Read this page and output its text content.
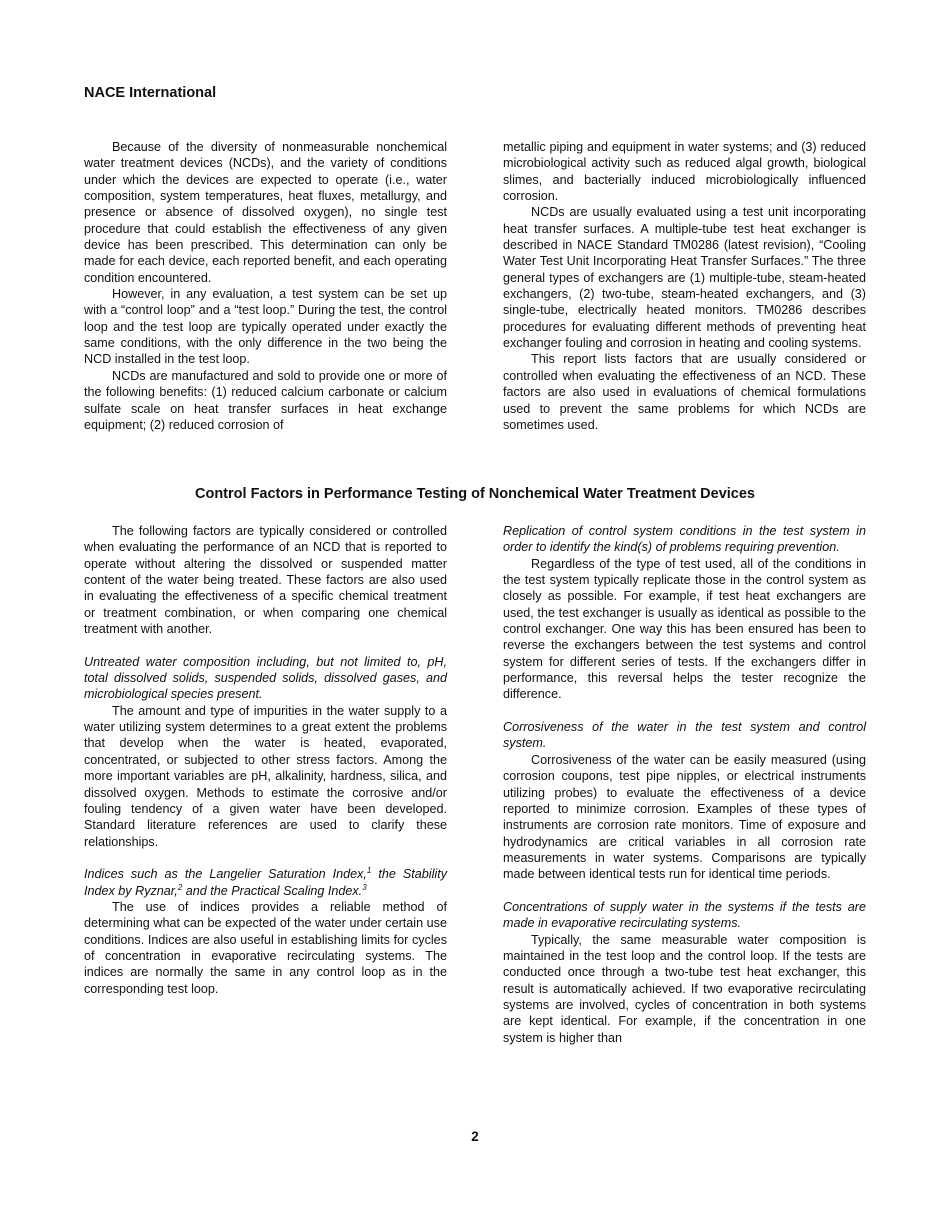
NACE International

Because of the diversity of nonmeasurable nonchemical water treatment devices (NCDs), and the variety of conditions under which the devices are expected to operate (i.e., water composition, system temperatures, heat fluxes, metallurgy, and presence or absence of dissolved oxygen), no single test procedure that could establish the effectiveness of any given device has been prescribed. This determination can only be made for each device, each reported benefit, and each operating condition encountered.

However, in any evaluation, a test system can be set up with a “control loop” and a “test loop.” During the test, the control loop and the test loop are typically operated under exactly the same conditions, with the only difference in the two being the NCD installed in the test loop.

NCDs are manufactured and sold to provide one or more of the following benefits: (1) reduced calcium carbonate or calcium sulfate scale on heat transfer surfaces in heat exchange equipment; (2) reduced corrosion of

metallic piping and equipment in water systems; and (3) reduced microbiological activity such as reduced algal growth, biological slimes, and bacterially induced microbiologically influenced corrosion.

NCDs are usually evaluated using a test unit incorporating heat transfer surfaces. A multiple-tube test heat exchanger is described in NACE Standard TM0286 (latest revision), “Cooling Water Test Unit Incorporating Heat Transfer Surfaces.” The three general types of exchangers are (1) multiple-tube, steam-heated exchangers, (2) two-tube, steam-heated exchangers, and (3) single-tube, electrically heated monitors. TM0286 describes procedures for evaluating different methods of preventing heat exchanger fouling and corrosion in heating and cooling systems.

This report lists factors that are usually considered or controlled when evaluating the effectiveness of an NCD. These factors are also used in evaluations of chemical formulations used to prevent the same problems for which NCDs are sometimes used.

Control Factors in Performance Testing of Nonchemical Water Treatment Devices

The following factors are typically considered or controlled when evaluating the performance of an NCD that is reported to operate without altering the dissolved or suspended matter content of the water being treated. These factors are also used in evaluating the effectiveness of a specific chemical treatment or treatment combination, or when comparing one chemical treatment with another.

Untreated water composition including, but not limited to, pH, total dissolved solids, suspended solids, dissolved gases, and microbiological species present.

The amount and type of impurities in the water supply to a water utilizing system determines to a great extent the problems that develop when the water is heated, evaporated, concentrated, or subjected to other stress factors. Among the more important variables are pH, alkalinity, hardness, silica, and dissolved oxygen. Methods to estimate the corrosive and/or fouling tendency of a given water have been developed. Standard literature references are used to clarify these relationships.

Indices such as the Langelier Saturation Index,$^1$ the Stability Index by Ryznar,$^2$ and the Practical Scaling Index.$^3$

The use of indices provides a reliable method of determining what can be expected of the water under certain use conditions. Indices are also useful in establishing limits for cycles of concentration in evaporative recirculating systems. The indices are normally the same in any control loop as in the corresponding test loop.

Replication of control system conditions in the test system in order to identify the kind(s) of problems requiring prevention.

Regardless of the type of test used, all of the conditions in the test system typically replicate those in the control system as closely as possible. For example, if test heat exchangers are used, the test exchanger is usually as identical as possible to the control exchanger. One way this has been ensured has been to reverse the exchangers between the test systems and control system for different series of tests. If the exchangers differ in performance, this reversal helps the tester recognize the difference.

Corrosiveness of the water in the test system and control system.

Corrosiveness of the water can be easily measured (using corrosion coupons, test pipe nipples, or electrical instruments utilizing probes) to evaluate the effectiveness of a device reported to minimize corrosion. Examples of these types of instruments are corrosion rate monitors. Time of exposure and hydrodynamics are critical variables in all corrosion rate measurements in water systems. Comparisons are typically made between identical tests run for identical time periods.

Concentrations of supply water in the systems if the tests are made in evaporative recirculating systems.

Typically, the same measurable water composition is maintained in the test loop and the control loop. If the tests are conducted once through a two-tube test heat exchanger, this result is automatically achieved. If two evaporative recirculating systems are involved, cycles of concentration in both systems are kept identical. For example, if the concentration in one system is higher than

2
